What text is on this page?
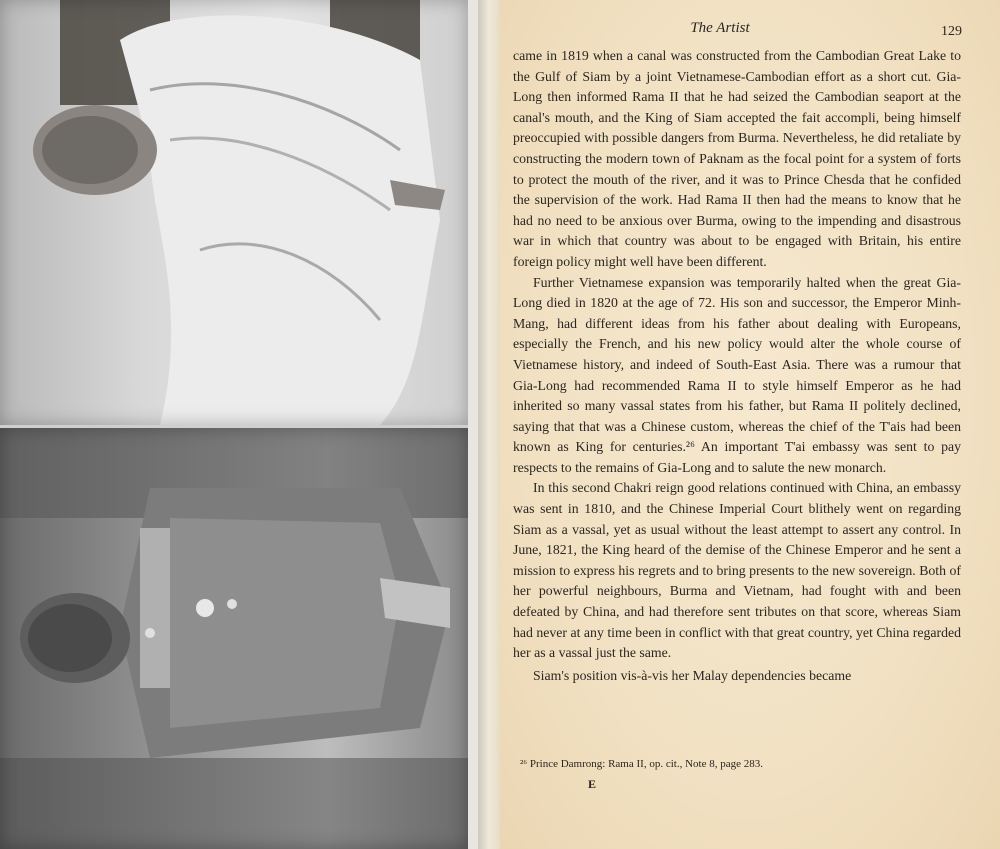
The Artist	129

came in 1819 when a canal was constructed from the Cambodian Great Lake to the Gulf of Siam by a joint Vietnamese-Cambodian effort as a short cut. Gia-Long then informed Rama II that he had seized the Cambodian seaport at the canal's mouth, and the King of Siam accepted the fait accompli, being himself preoccupied with possible dangers from Burma. Nevertheless, he did retaliate by constructing the modern town of Paknam as the focal point for a system of forts to protect the mouth of the river, and it was to Prince Chesda that he confided the supervision of the work. Had Rama II then had the means to know that he had no need to be anxious over Burma, owing to the impending and disastrous war in which that country was about to be engaged with Britain, his entire foreign policy might well have been different.

Further Vietnamese expansion was temporarily halted when the great Gia-Long died in 1820 at the age of 72. His son and successor, the Emperor Minh-Mang, had different ideas from his father about dealing with Europeans, especially the French, and his new policy would alter the whole course of Vietnamese history, and indeed of South-East Asia. There was a rumour that Gia-Long had recommended Rama II to style himself Emperor as he had inherited so many vassal states from his father, but Rama II politely declined, saying that that was a Chinese custom, whereas the chief of the T'ais had been known as King for centuries.²⁶ An important T'ai embassy was sent to pay respects to the remains of Gia-Long and to salute the new monarch.

In this second Chakri reign good relations continued with China, an embassy was sent in 1810, and the Chinese Imperial Court blithely went on regarding Siam as a vassal, yet as usual without the least attempt to assert any control. In June, 1821, the King heard of the demise of the Chinese Emperor and he sent a mission to express his regrets and to bring presents to the new sovereign. Both of her powerful neighbours, Burma and Vietnam, had fought with and been defeated by China, and had therefore sent tributes on that score, whereas Siam had never at any time been in conflict with that great country, yet China regarded her as a vassal just the same.

Siam's position vis-à-vis her Malay dependencies became

²⁶ Prince Damrong: Rama II, op. cit., Note 8, page 283.
E
